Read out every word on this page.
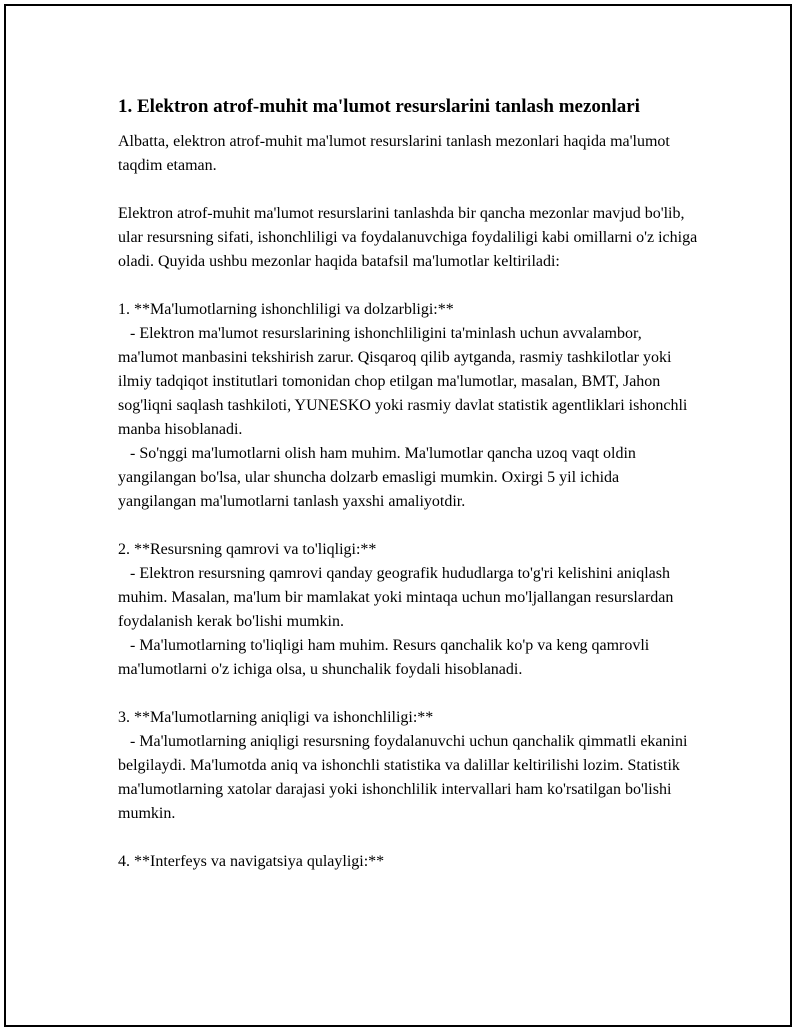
1. Elektron atrof-muhit ma'lumot resurslarini tanlash mezonlari

Albatta, elektron atrof-muhit ma'lumot resurslarini tanlash mezonlari haqida ma'lumot taqdim etaman.

Elektron atrof-muhit ma'lumot resurslarini tanlashda bir qancha mezonlar mavjud bo'lib, ular resursning sifati, ishonchliligi va foydalanuvchiga foydaliligi kabi omillarni o'z ichiga oladi. Quyida ushbu mezonlar haqida batafsil ma'lumotlar keltiriladi:

1. **Ma'lumotlarning ishonchliligi va dolzarbligi:**
- Elektron ma'lumot resurslarining ishonchliligini ta'minlash uchun avvalambor, ma'lumot manbasini tekshirish zarur. Qisqaroq qilib aytganda, rasmiy tashkilotlar yoki ilmiy tadqiqot institutlari tomonidan chop etilgan ma'lumotlar, masalan, BMT, Jahon sog'liqni saqlash tashkiloti, YUNESKO yoki rasmiy davlat statistik agentliklari ishonchli manba hisoblanadi.
- So'nggi ma'lumotlarni olish ham muhim. Ma'lumotlar qancha uzoq vaqt oldin yangilangan bo'lsa, ular shuncha dolzarb emasligi mumkin. Oxirgi 5 yil ichida yangilangan ma'lumotlarni tanlash yaxshi amaliyotdir.

2. **Resursning qamrovi va to'liqligi:**
- Elektron resursning qamrovi qanday geografik hududlarga to'g'ri kelishini aniqlash muhim. Masalan, ma'lum bir mamlakat yoki mintaqa uchun mo'ljallangan resurslardan foydalanish kerak bo'lishi mumkin.
- Ma'lumotlarning to'liqligi ham muhim. Resurs qanchalik ko'p va keng qamrovli ma'lumotlarni o'z ichiga olsa, u shunchalik foydali hisoblanadi.

3. **Ma'lumotlarning aniqligi va ishonchliligi:**
- Ma'lumotlarning aniqligi resursning foydalanuvchi uchun qanchalik qimmatli ekanini belgilaydi. Ma'lumotda aniq va ishonchli statistika va dalillar keltirilishi lozim. Statistik ma'lumotlarning xatolar darajasi yoki ishonchlilik intervallari ham ko'rsatilgan bo'lishi mumkin.

4. **Interfeys va navigatsiya qulayligi:**
